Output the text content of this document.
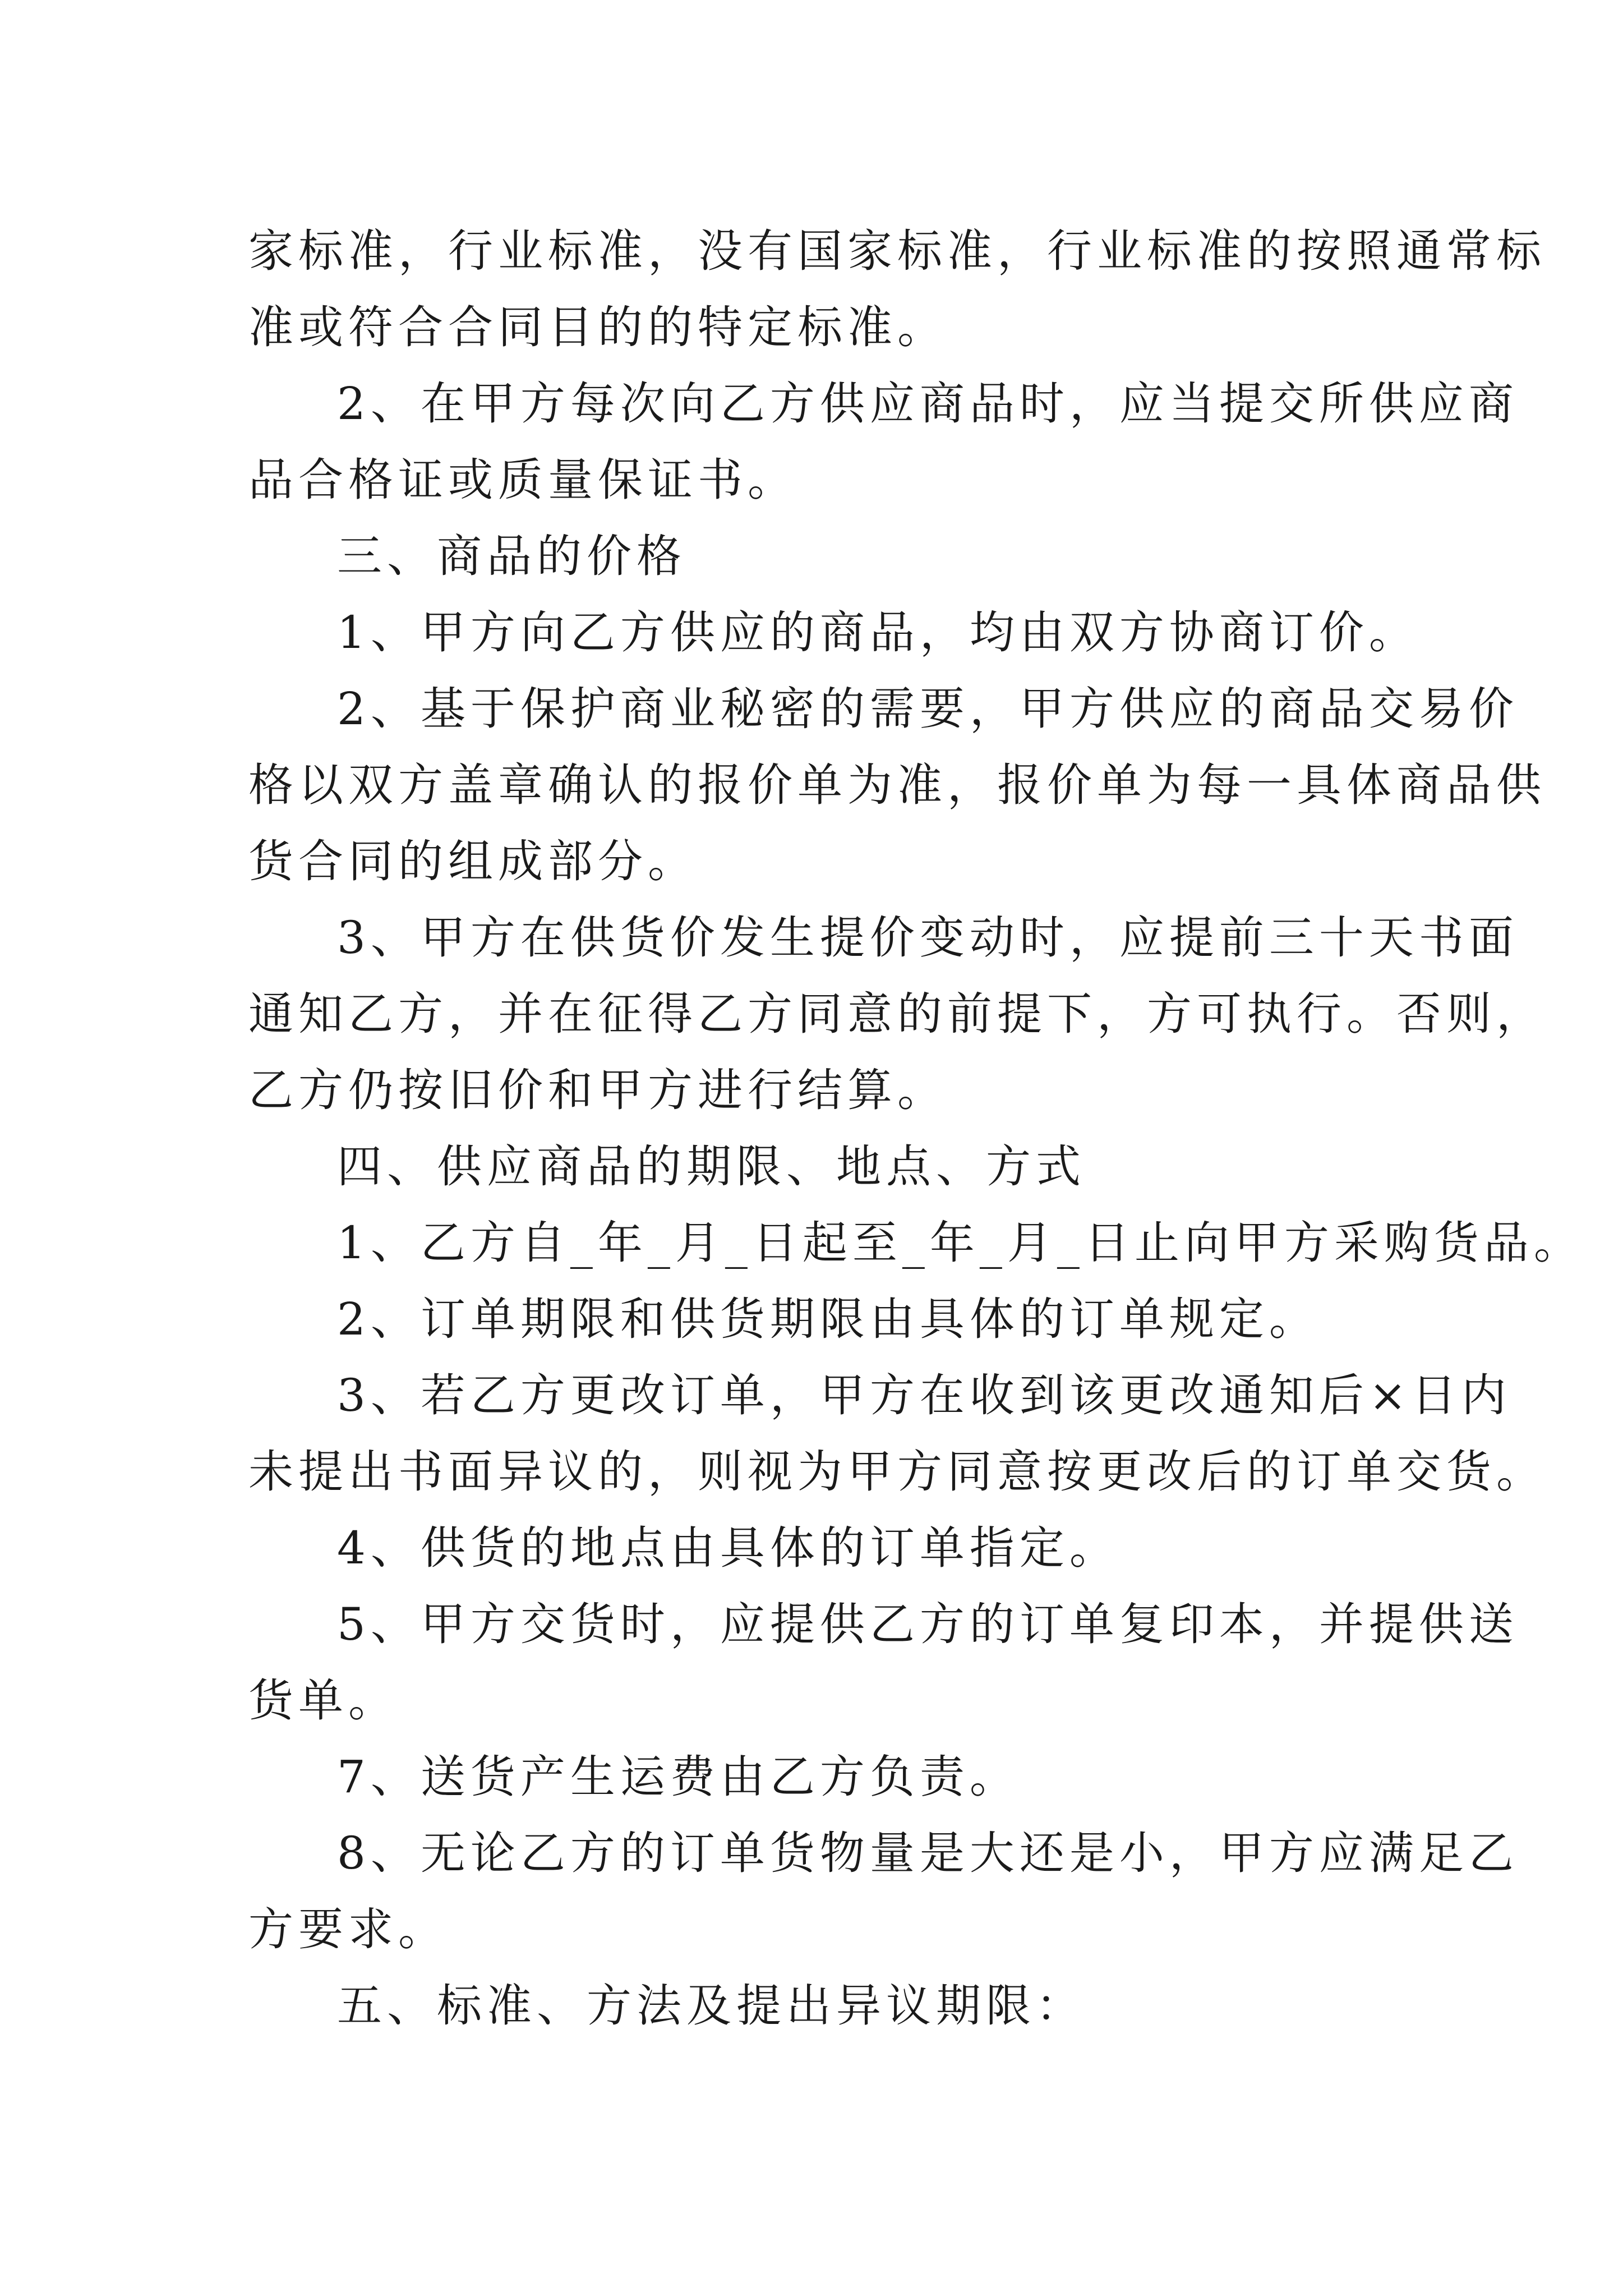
家标准，行业标准，没有国家标准，行业标准的按照通常标
准或符合合同目的的特定标准。
2、在甲方每次向乙方供应商品时，应当提交所供应商
品合格证或质量保证书。
三、商品的价格
1、甲方向乙方供应的商品，均由双方协商订价。
2、基于保护商业秘密的需要，甲方供应的商品交易价
格以双方盖章确认的报价单为准，报价单为每一具体商品供
货合同的组成部分。
3、甲方在供货价发生提价变动时，应提前三十天书面
通知乙方，并在征得乙方同意的前提下，方可执行。否则，
乙方仍按旧价和甲方进行结算。
四、供应商品的期限、地点、方式
1、乙方自_年_月_日起至_年_月_日止向甲方采购货品。
2、订单期限和供货期限由具体的订单规定。
3、若乙方更改订单，甲方在收到该更改通知后×日内
未提出书面异议的，则视为甲方同意按更改后的订单交货。
4、供货的地点由具体的订单指定。
5、甲方交货时，应提供乙方的订单复印本，并提供送
货单。
7、送货产生运费由乙方负责。
8、无论乙方的订单货物量是大还是小，甲方应满足乙
方要求。
五、标准、方法及提出异议期限：
